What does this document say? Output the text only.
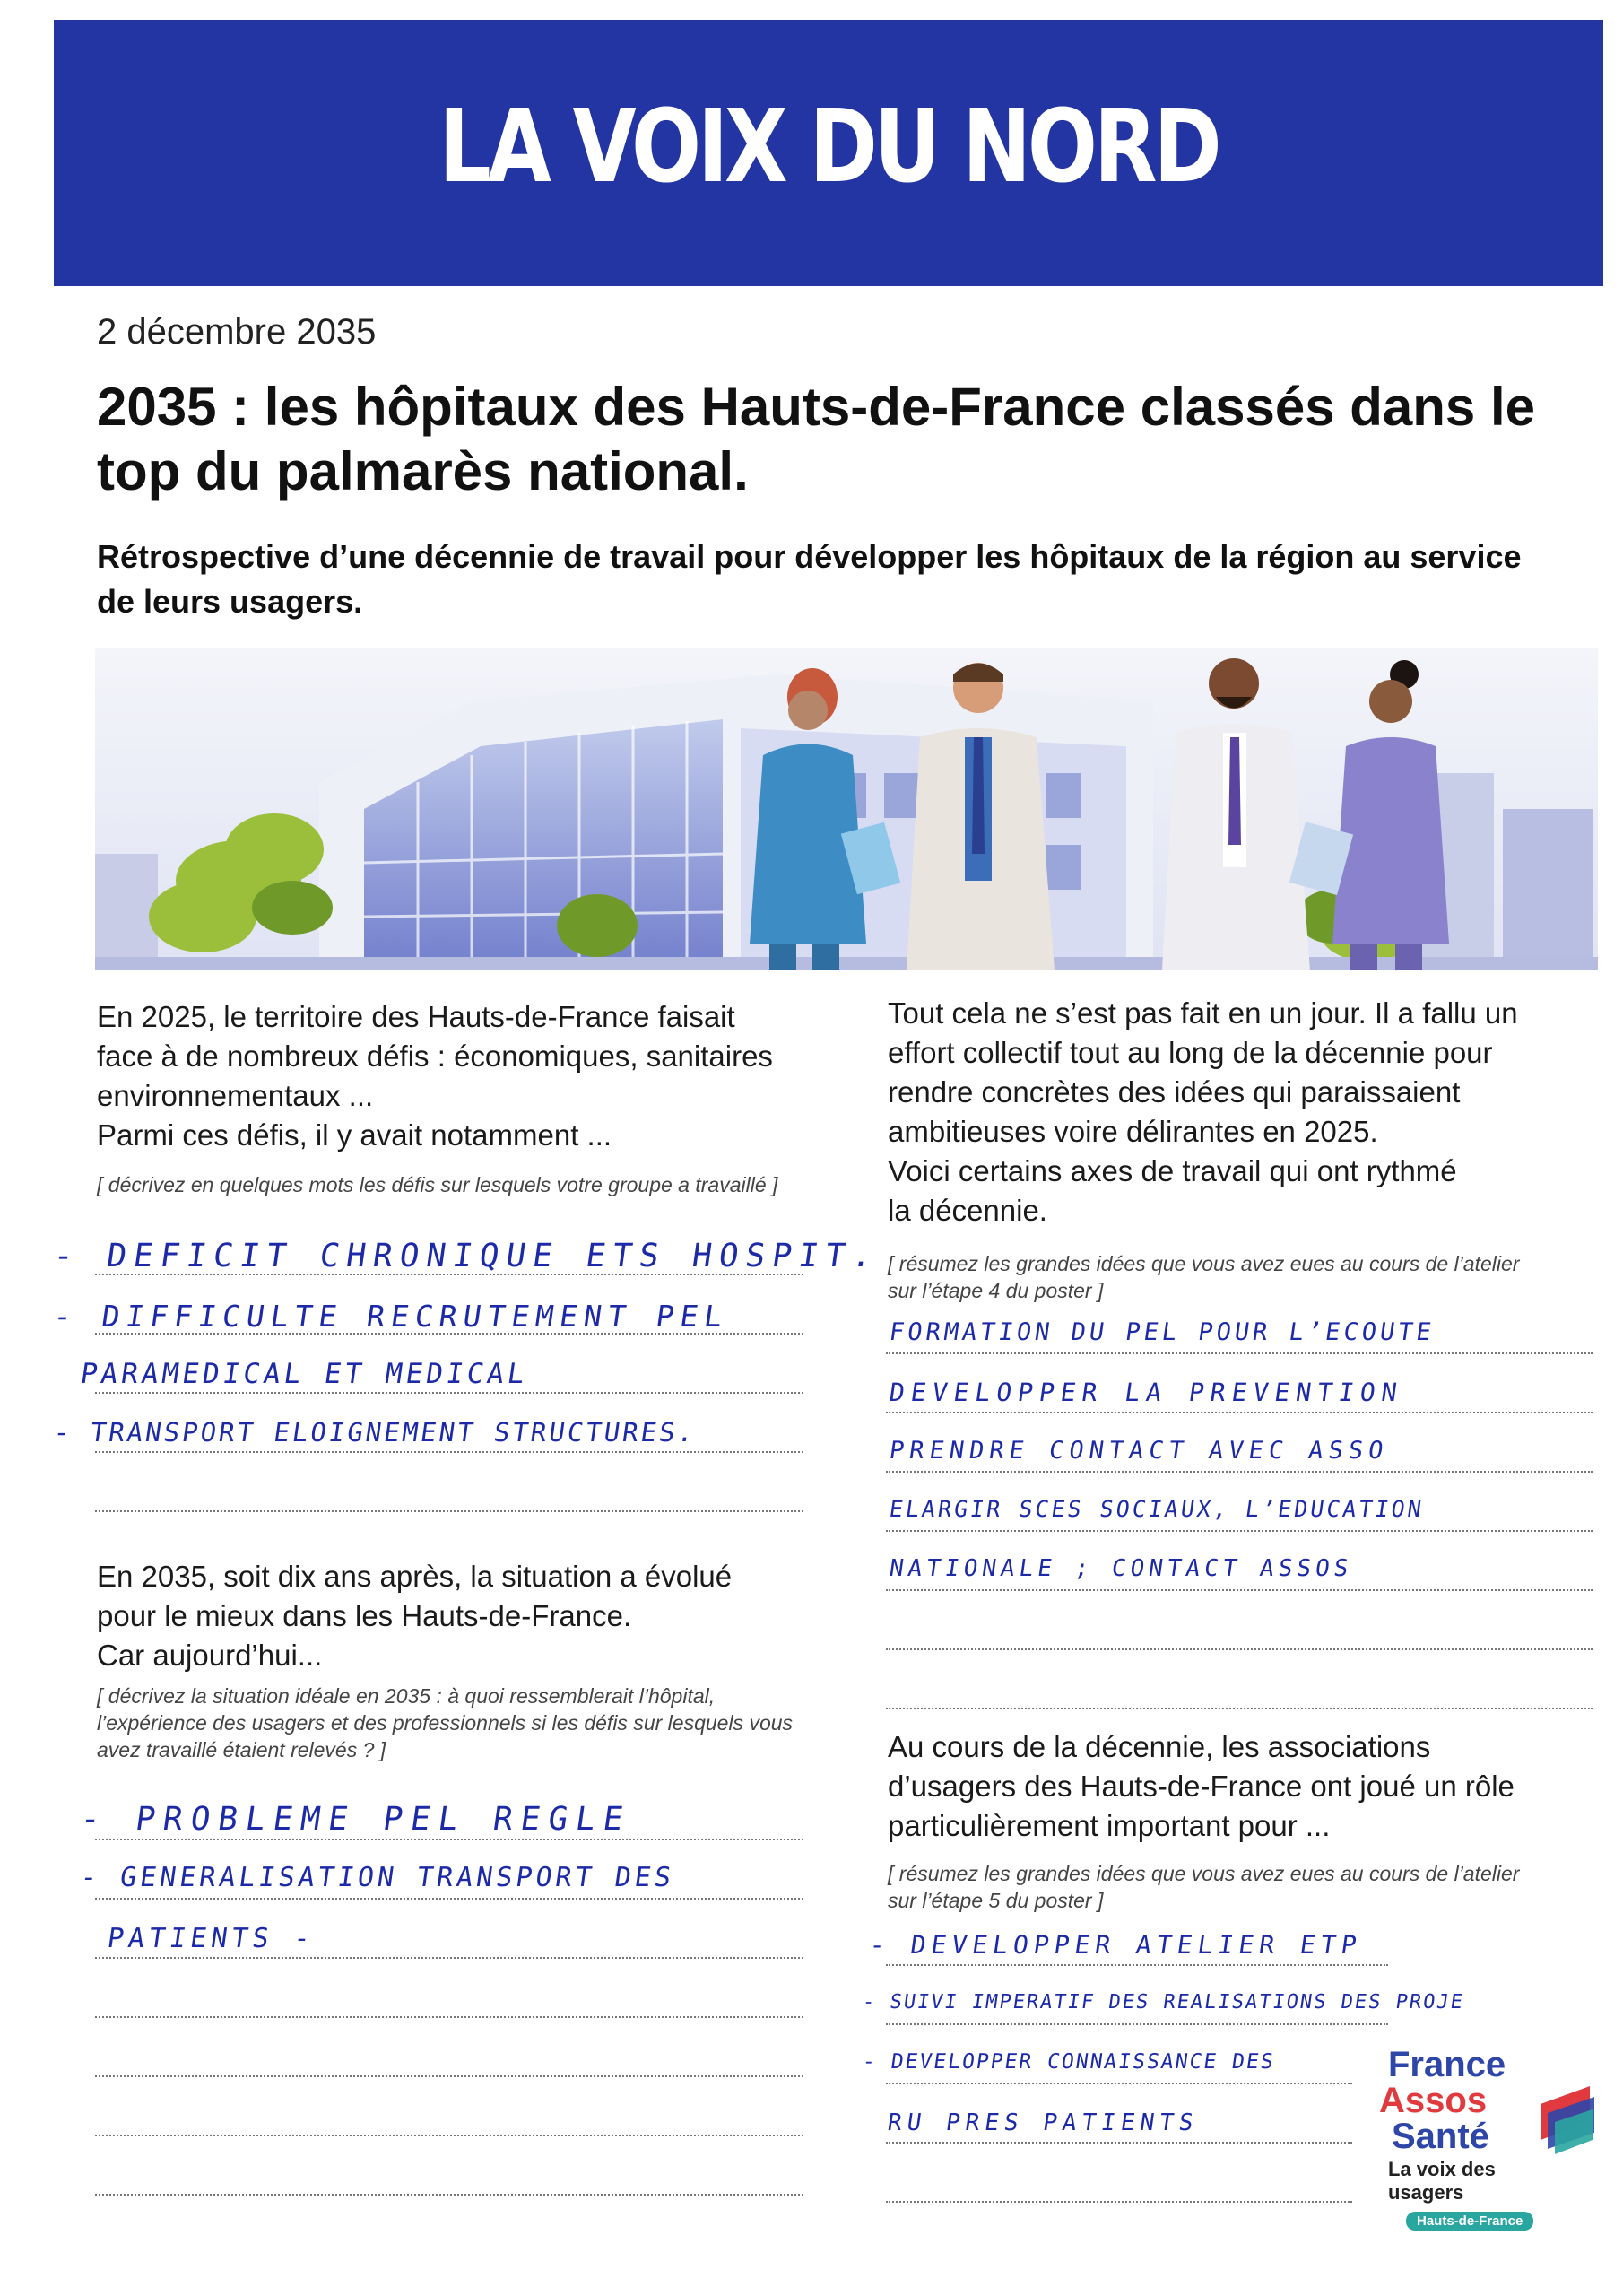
LA VOIX DU NORD
2 décembre 2035
2035 : les hôpitaux des Hauts-de-France classés dans le top du palmarès national.
Rétrospective d’une décennie de travail pour développer les hôpitaux de la région au service de leurs usagers.
En 2025, le territoire des Hauts-de-France faisait
face à de nombreux défis : économiques, sanitaires
environnementaux ...
Parmi ces défis, il y avait notamment ...
[ décrivez en quelques mots les défis sur lesquels votre groupe a travaillé ]
- DEFICIT CHRONIQUE ETS HOSPIT.
- DIFFICULTE RECRUTEMENT PEL
PARAMEDICAL ET MEDICAL
- TRANSPORT ELOIGNEMENT STRUCTURES.
En 2035, soit dix ans après, la situation a évolué
pour le mieux dans les Hauts-de-France.
Car aujourd’hui...
[ décrivez la situation idéale en 2035 : à quoi ressemblerait l’hôpital,
l’expérience des usagers et des professionnels si les défis sur lesquels vous
avez travaillé étaient relevés ? ]
- PROBLEME PEL REGLE
- GENERALISATION TRANSPORT DES
PATIENTS -
Tout cela ne s’est pas fait en un jour. Il a fallu un
effort collectif tout au long de la décennie pour
rendre concrètes des idées qui paraissaient
ambitieuses voire délirantes en 2025.
Voici certains axes de travail qui ont rythmé
la décennie.
[ résumez les grandes idées que vous avez eues au cours de l’atelier
sur l’étape 4 du poster ]
FORMATION DU PEL POUR L’ECOUTE
DEVELOPPER LA PREVENTION
PRENDRE CONTACT AVEC ASSO
ELARGIR SCES SOCIAUX, L’EDUCATION
NATIONALE ; CONTACT ASSOS
Au cours de la décennie, les associations
d’usagers des Hauts-de-France ont joué un rôle
particulièrement important pour ...
[ résumez les grandes idées que vous avez eues au cours de l’atelier
sur l’étape 5 du poster ]
- DEVELOPPER ATELIER ETP
- SUIVI IMPERATIF DES REALISATIONS DES PROJE
- DEVELOPPER CONNAISSANCE DES
RU PRES PATIENTS
France
Assos
Santé
La voix des usagers
Hauts-de-France
